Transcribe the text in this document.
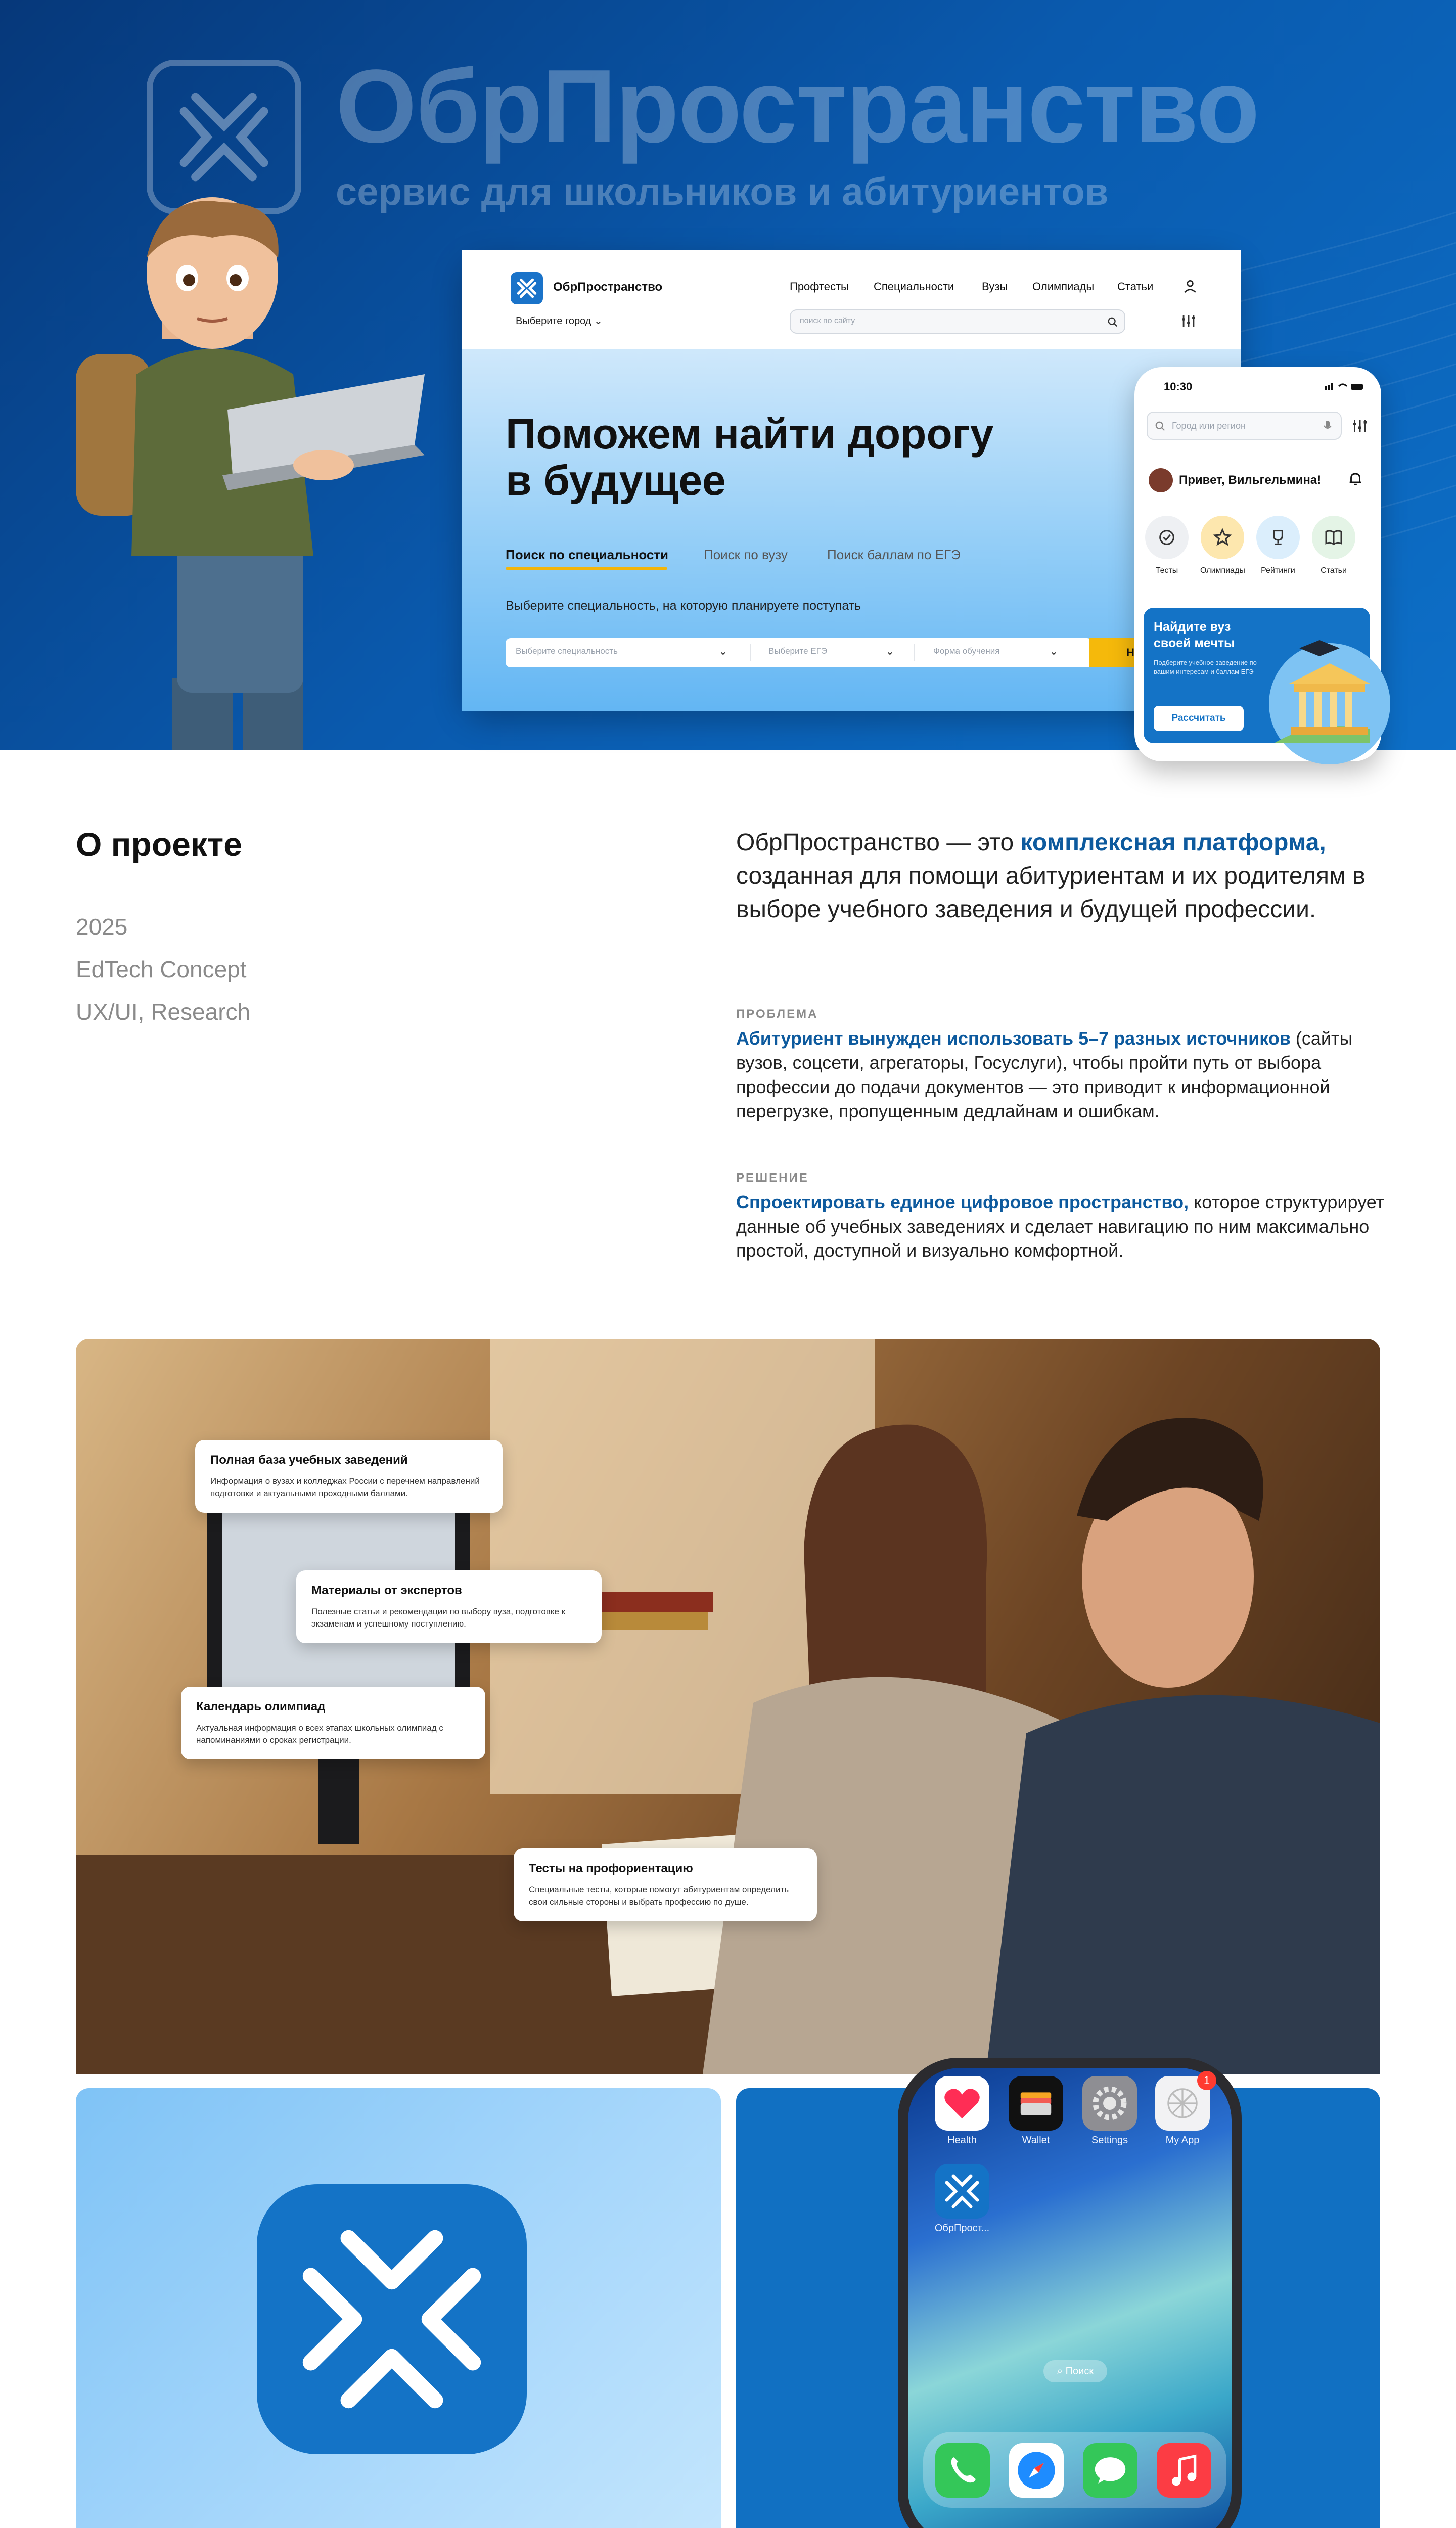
ОбрПространство
сервис для школьников и абитуриентов
ОбрПространство
Выберите город ⌄
Профтесты Специальности Вузы Олимпиады Статьи
поиск по сайту
Поможем найти дорогу в будущее
Поиск по специальности	Поиск по вузу	Поиск баллам по ЕГЭ
Выберите специальность, на которую планируете поступать
Выберите специальность	⌄	Выберите ЕГЭ	⌄	Форма обучения	⌄	Н
10:30
Город или регион
Привет, Вильгельмина!
Тесты	Олимпиады	Рейтинги	Статьи
Найдите вуз своей мечты

Подберите учебное заведение по вашим интересам и баллам ЕГЭ

Рассчитать
О проекте
2025
EdTech Concept
UX/UI, Research
ОбрПространство — это комплексная платформа, созданная для помощи абитуриентам и их родителям в выборе учебного заведения и будущей профессии.
ПРОБЛЕМА
Абитуриент вынужден использовать 5–7 разных источников (сайты вузов, соцсети, агрегаторы, Госуслуги), чтобы пройти путь от выбора профессии до подачи документов — это приводит к информационной перегрузке, пропущенным дедлайнам и ошибкам.
РЕШЕНИЕ
Спроектировать единое цифровое пространство, которое структурирует данные об учебных заведениях и сделает навигацию по ним максимально простой, доступной и визуально комфортной.
Полная база учебных заведений

Информация о вузах и колледжах России с перечнем направлений подготовки и актуальными проходными баллами.

Материалы от экспертов

Полезные статьи и рекомендации по выбору вуза, подготовке к экзаменам и успешному поступлению.

Календарь олимпиад

Актуальная информация о всех этапах школьных олимпиад с напоминаниями о сроках регистрации.

Тесты на профориентацию

Специальные тесты, которые помогут абитуриентам определить свои сильные стороны и выбрать профессию по душе.

Health	Wallet	Settings	My App
1
ОбрПрост...
⌕ Поиск
